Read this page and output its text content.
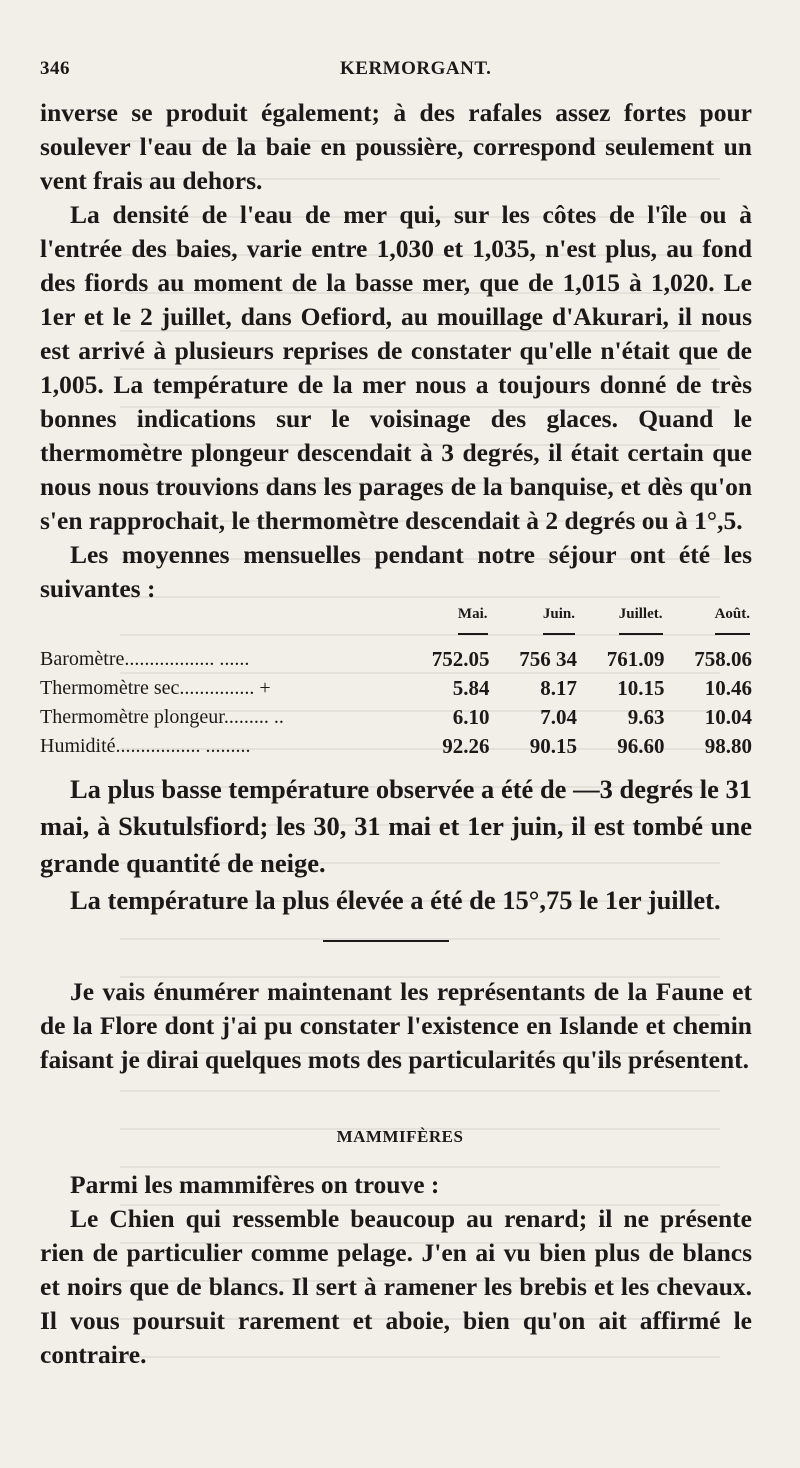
346	KERMORGANT.

inverse se produit également; à des rafales assez fortes pour soulever l'eau de la baie en poussière, correspond seulement un vent frais au dehors.

La densité de l'eau de mer qui, sur les côtes de l'île ou à l'entrée des baies, varie entre 1,030 et 1,035, n'est plus, au fond des fiords au moment de la basse mer, que de 1,015 à 1,020. Le 1er et le 2 juillet, dans Oefiord, au mouillage d'Akurari, il nous est arrivé à plusieurs reprises de constater qu'elle n'était que de 1,005. La température de la mer nous a toujours donné de très bonnes indications sur le voisinage des glaces. Quand le thermomètre plongeur descendait à 3 degrés, il était certain que nous nous trouvions dans les parages de la banquise, et dès qu'on s'en rapprochait, le thermomètre descendait à 2 degrés ou à 1°,5.

Les moyennes mensuelles pendant notre séjour ont été les suivantes :

	Mai.	Juin.	Juillet.	Août.
Baromètre.................. ......	752.05	756 34	761.09	758.06
Thermomètre sec............... +	5.84	8.17	10.15	10.46
Thermomètre plongeur......... ..	6.10	7.04	9.63	10.04
Humidité................. .........	92.26	90.15	96.60	98.80

La plus basse température observée a été de —3 degrés le 31 mai, à Skutulsfiord; les 30, 31 mai et 1er juin, il est tombé une grande quantité de neige.

La température la plus élevée a été de 15°,75 le 1er juillet.

Je vais énumérer maintenant les représentants de la Faune et de la Flore dont j'ai pu constater l'existence en Islande et chemin faisant je dirai quelques mots des particularités qu'ils présentent.

MAMMIFÈRES

Parmi les mammifères on trouve :

Le Chien qui ressemble beaucoup au renard; il ne présente rien de particulier comme pelage. J'en ai vu bien plus de blancs et noirs que de blancs. Il sert à ramener les brebis et les chevaux. Il vous poursuit rarement et aboie, bien qu'on ait affirmé le contraire.
